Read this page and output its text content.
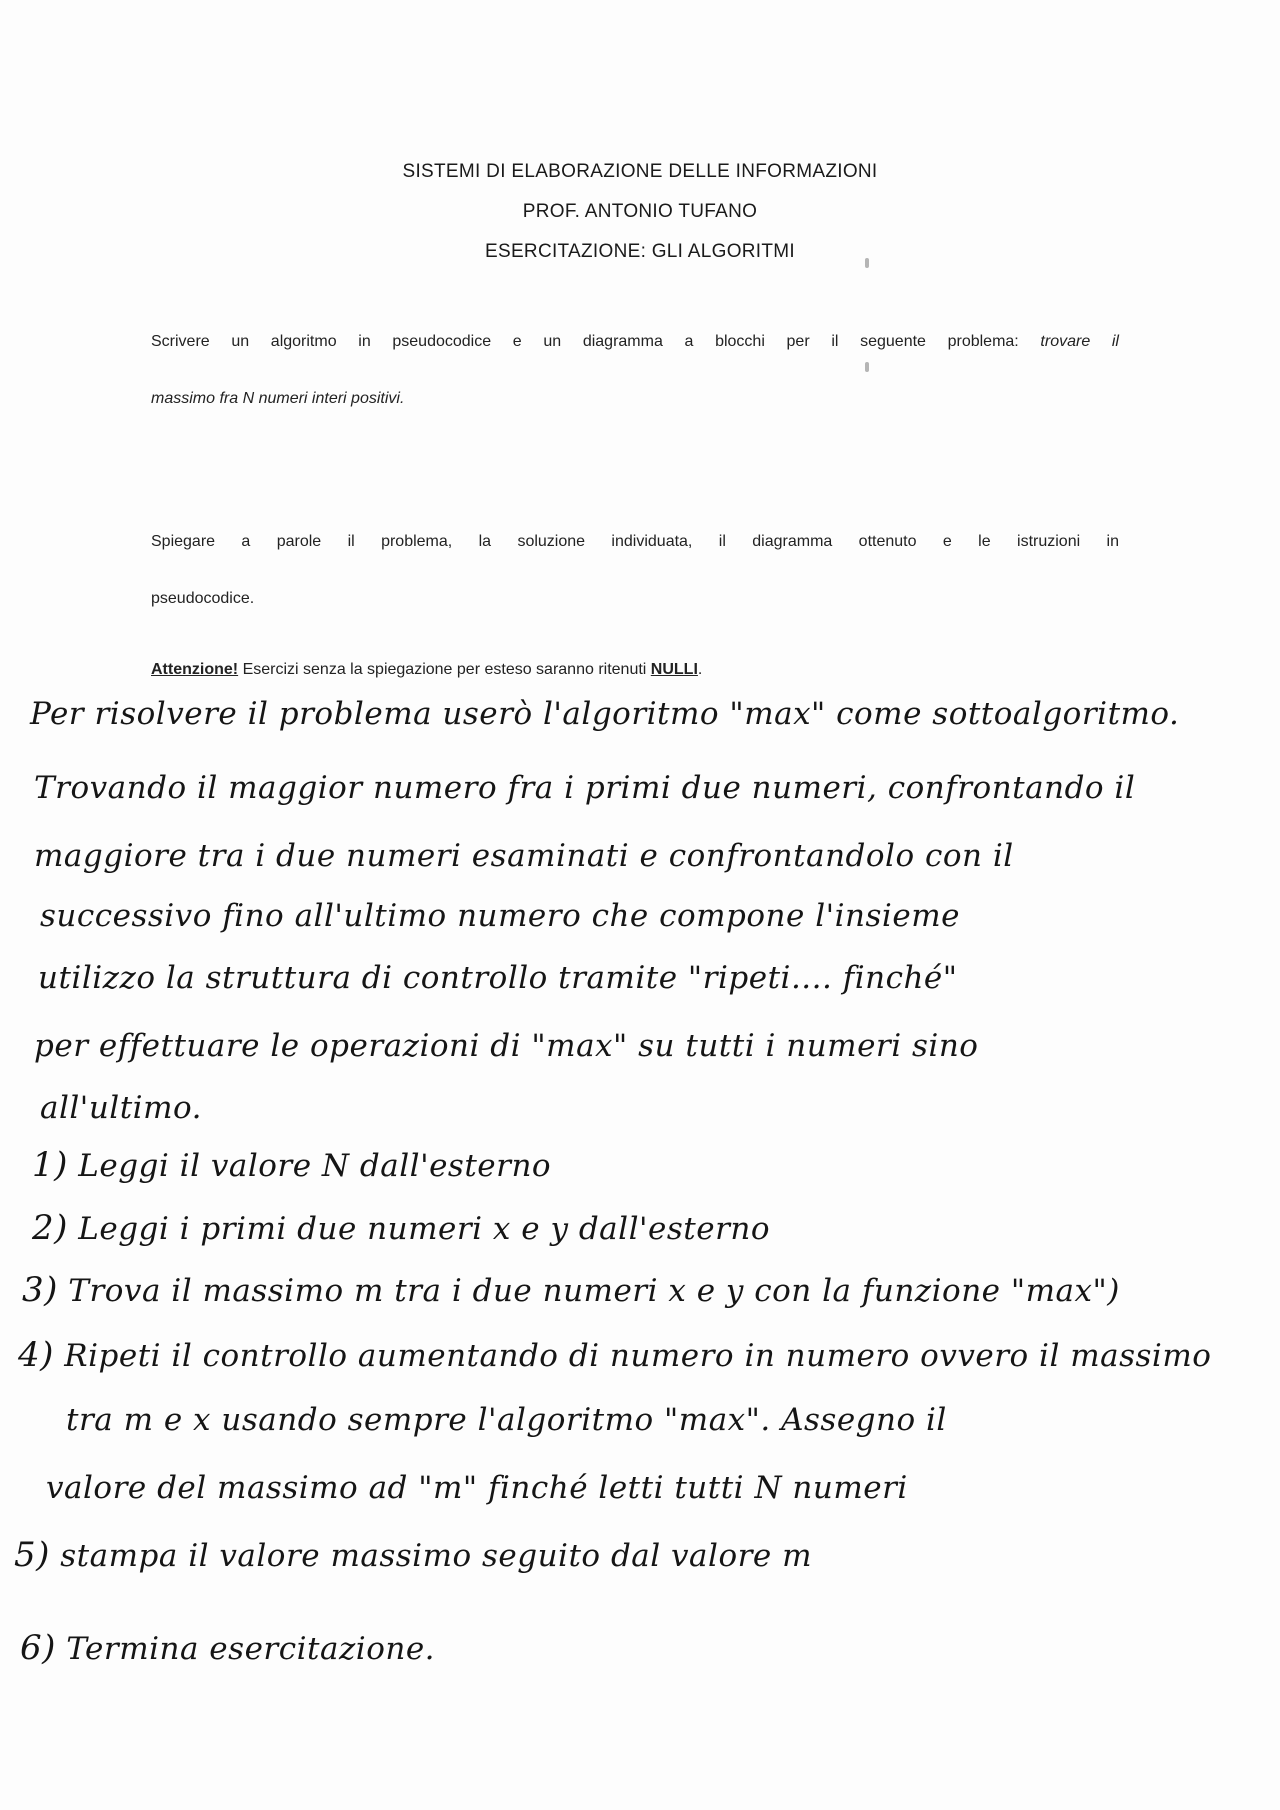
SISTEMI DI ELABORAZIONE DELLE INFORMAZIONI
PROF. ANTONIO TUFANO
ESERCITAZIONE: GLI ALGORITMI
Scrivere un algoritmo in pseudocodice e un diagramma a blocchi per il seguente problema: trovare il
massimo fra N numeri interi positivi.
Spiegare a parole il problema, la soluzione individuata, il diagramma ottenuto e le istruzioni in
pseudocodice.
Attenzione! Esercizi senza la spiegazione per esteso saranno ritenuti NULLI.
Per risolvere il problema userò l'algoritmo "max" come sottoalgoritmo.
Trovando il maggior numero fra i primi due numeri, confrontando il
maggiore tra i due numeri esaminati e confrontandolo con il
successivo fino all'ultimo numero che compone l'insieme
utilizzo la struttura di controllo tramite "ripeti.... finché"
per effettuare le operazioni di "max" su tutti i numeri sino
all'ultimo.
1) Leggi il valore N dall'esterno
2) Leggi i primi due numeri x e y dall'esterno
3) Trova il massimo m tra i due numeri x e y con la funzione "max")
4) Ripeti il controllo aumentando di numero in numero ovvero il massimo
tra m e x usando sempre l'algoritmo "max". Assegno il
valore del massimo ad "m" finché letti tutti N numeri
5) stampa il valore massimo seguito dal valore m
6) Termina esercitazione.
